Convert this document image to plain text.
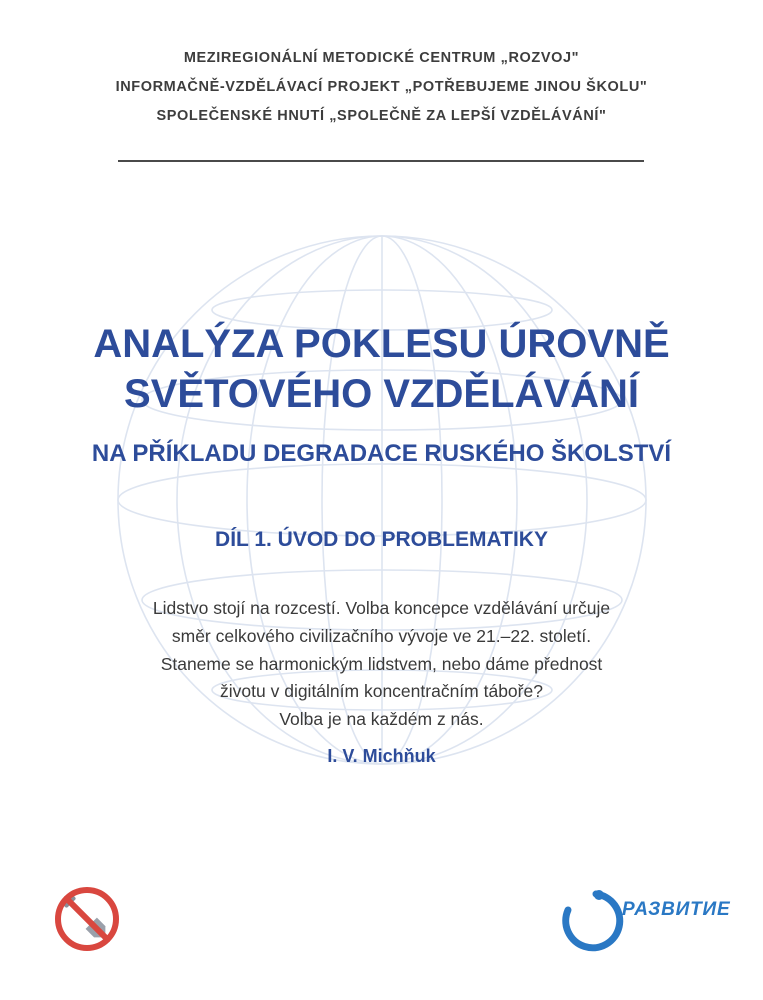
MEZIREGIONÁLNÍ METODICKÉ CENTRUM „ROZVOJ"
INFORMAČNĚ-VZDĚLÁVACÍ PROJEKT „POTŘEBUJEME JINOU ŠKOLU"
SPOLEČENSKÉ HNUTÍ „SPOLEČNĚ ZA LEPŠÍ VZDĚLÁVÁNÍ"
ANALÝZA POKLESU ÚROVNĚ
SVĚTOVÉHO VZDĚLÁVÁNÍ
NA PŘÍKLADU DEGRADACE RUSKÉHO ŠKOLSTVÍ
DÍL 1. ÚVOD DO PROBLEMATIKY
Lidstvo stojí na rozcestí. Volba koncepce vzdělávání určuje
směr celkového civilizačního vývoje ve 21.–22. století.
Staneme se harmonickým lidstvem, nebo dáme přednost
životu v digitálním koncentračním táboře?
Volba je na každém z nás.
I. V. Michňuk
РАЗВИТИЕ
